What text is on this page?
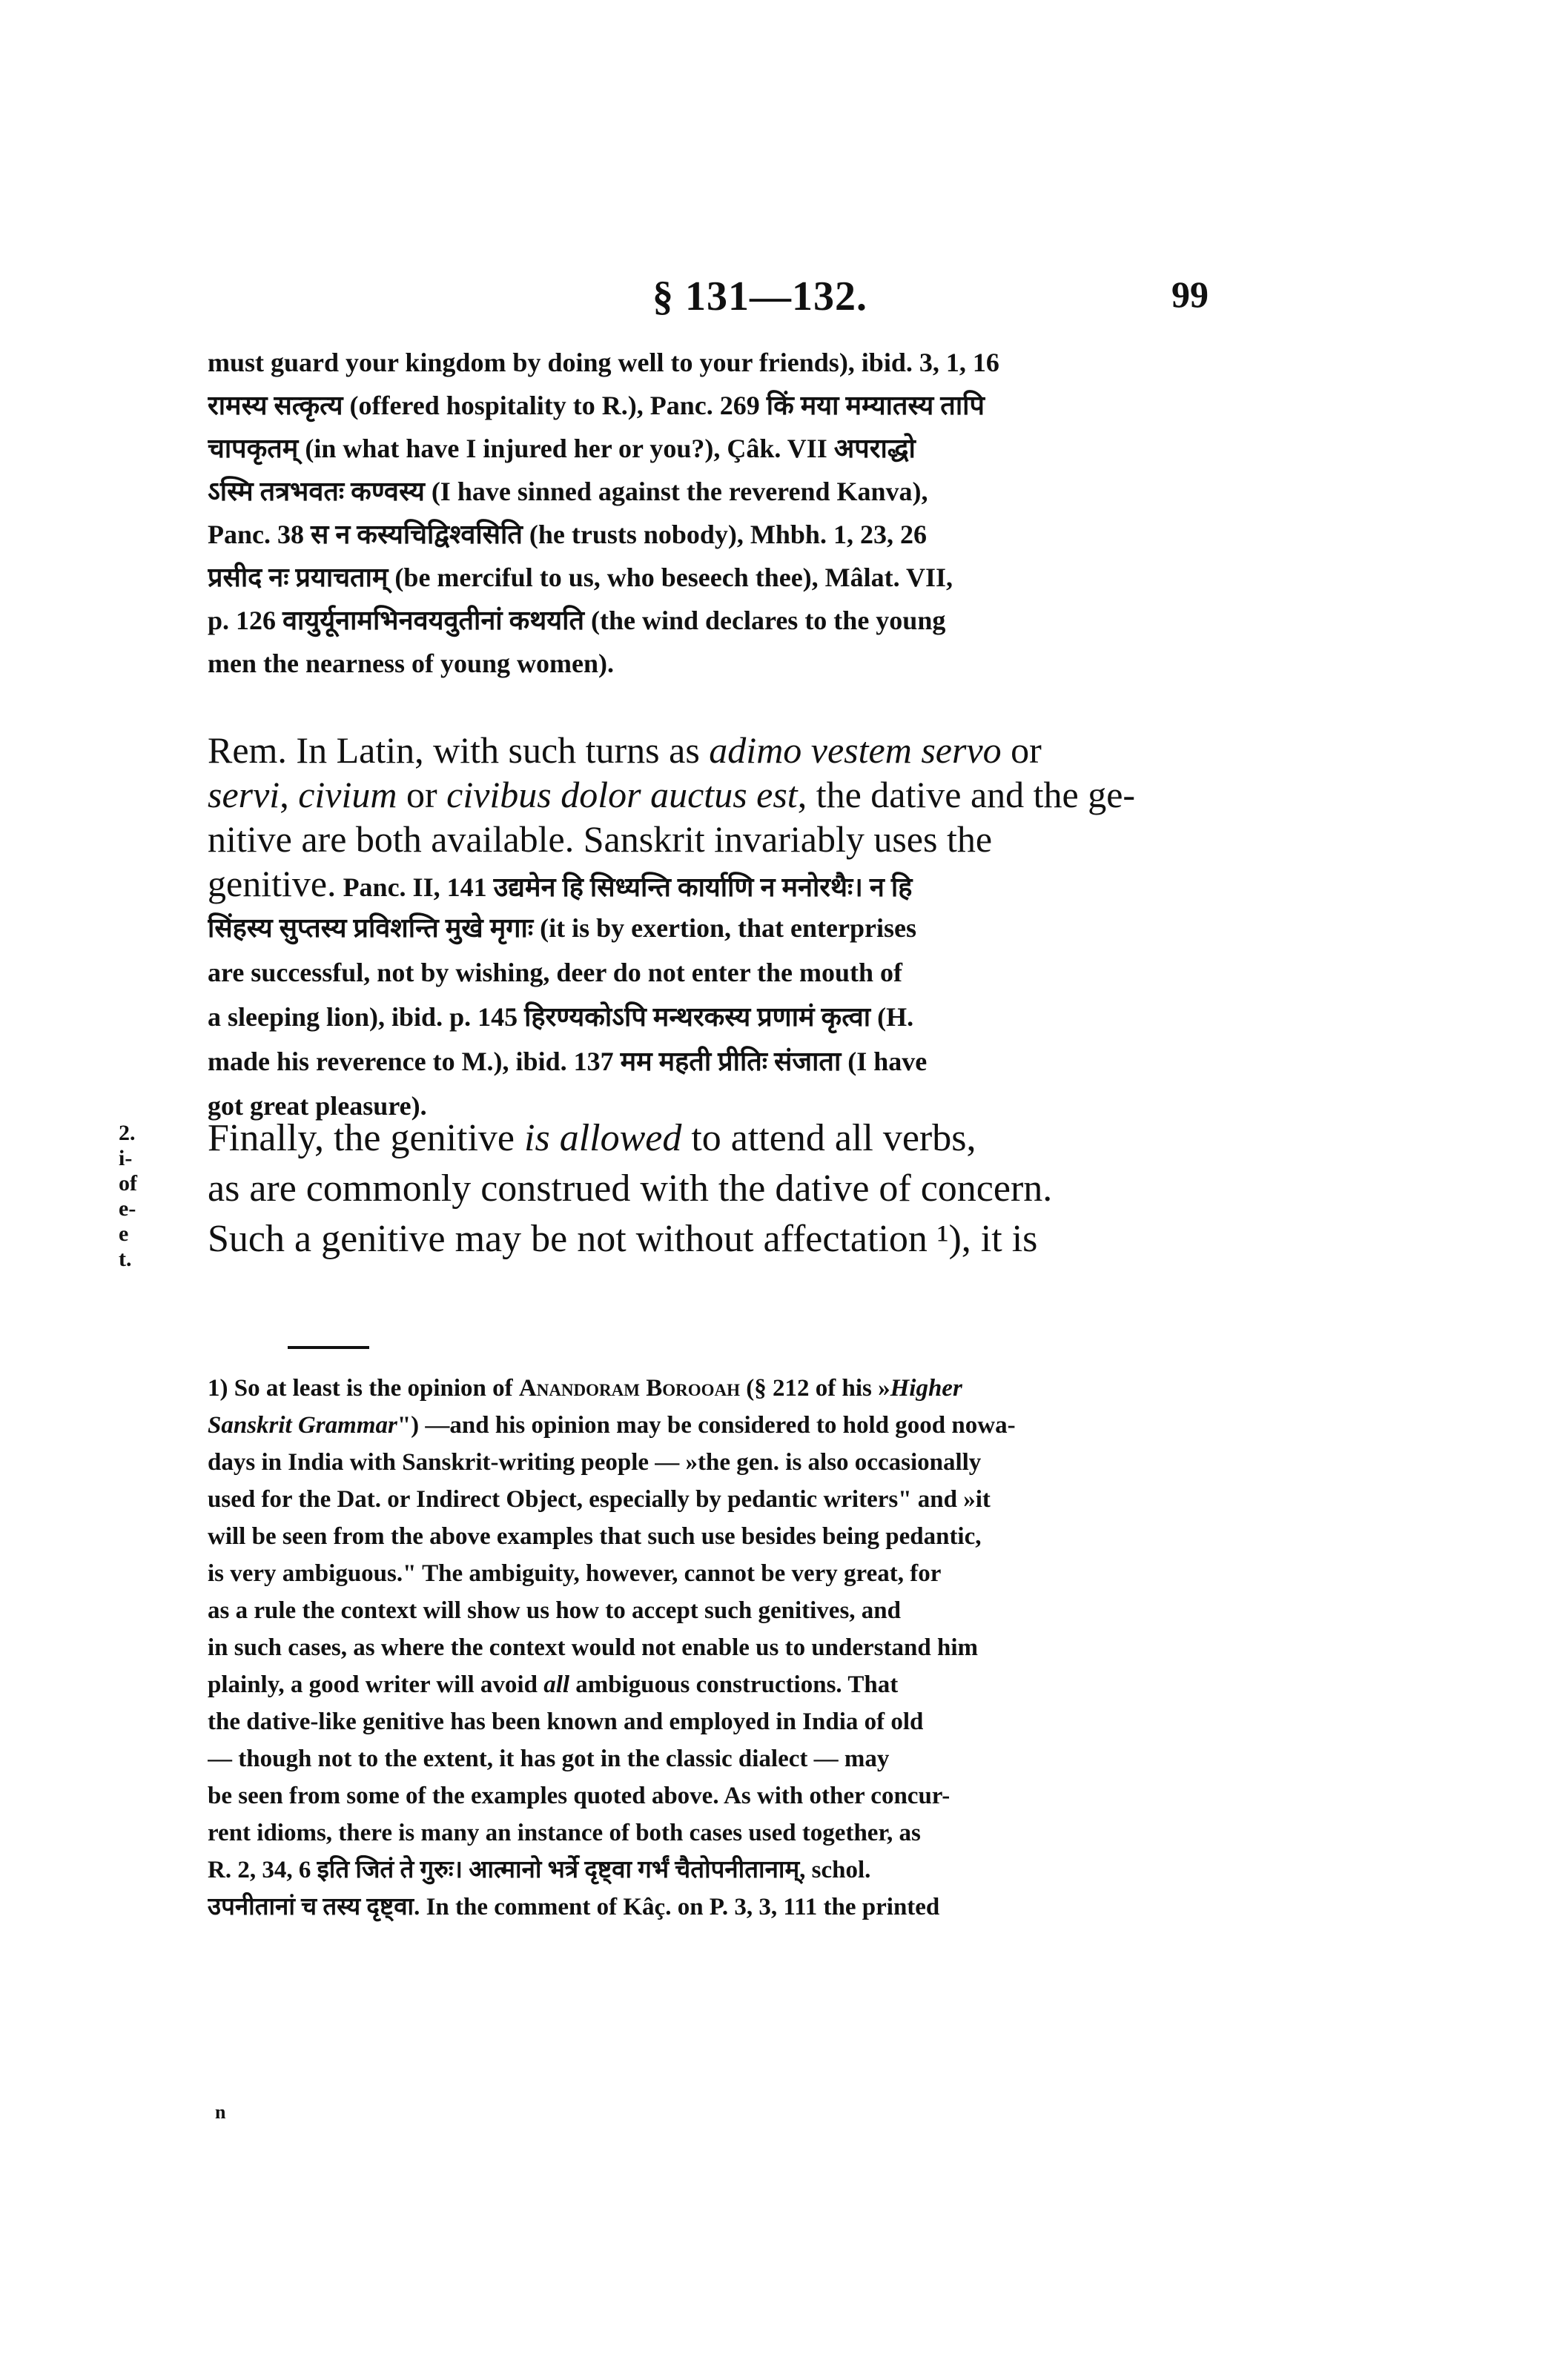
§ 131—132.	99
must guard your kingdom by doing well to your friends), ibid. 3, 1, 16
रामस्य सत्कृत्य (offered hospitality to R.), Panc. 269 किं मया मम्यातस्य तापि
चापकृतम् (in what have I injured her or you?), Çâk. VII अपराद्धो
ऽस्मि तत्रभवतः कण्वस्य (I have sinned against the reverend Kanva),
Panc. 38 स न कस्यचिद्विश्वसिति (he trusts nobody), Mhbh. 1, 23, 26
प्रसीद नः प्रयाचताम् (be merciful to us, who beseech thee), Mâlat. VII,
p. 126 वायुर्यूनामभिनवयवुतीनां कथयति (the wind declares to the young
men the nearness of young women).
Rem. In Latin, with such turns as adimo vestem servo or
servi, civium or civibus dolor auctus est, the dative and the ge-
nitive are both available. Sanskrit invariably uses the
genitive. Panc. II, 141 उद्यमेन हि सिध्यन्ति कार्याणि न मनोरथैः। न हि
सिंहस्य सुप्तस्य प्रविशन्ति मुखे मृगाः (it is by exertion, that enterprises
are successful, not by wishing, deer do not enter the mouth of
a sleeping lion), ibid. p. 145 हिरण्यकोऽपि मन्थरकस्य प्रणामं कृत्वा (H.
made his reverence to M.), ibid. 137 मम महती प्रीतिः संजाता (I have
got great pleasure).
2.
i-
of
e-
e
t.
Finally, the genitive is allowed to attend all verbs,
as are commonly construed with the dative of concern.
Such a genitive may be not without affectation ¹), it is
1) So at least is the opinion of Anandoram Borooah (§ 212 of his »Higher
Sanskrit Grammar") —and his opinion may be considered to hold good nowa-
days in India with Sanskrit-writing people — »the gen. is also occasionally
used for the Dat. or Indirect Object, especially by pedantic writers" and »it
will be seen from the above examples that such use besides being pedantic,
is very ambiguous." The ambiguity, however, cannot be very great, for
as a rule the context will show us how to accept such genitives, and
in such cases, as where the context would not enable us to understand him
plainly, a good writer will avoid all ambiguous constructions. That
the dative-like genitive has been known and employed in India of old
— though not to the extent, it has got in the classic dialect — may
be seen from some of the examples quoted above. As with other concur-
rent idioms, there is many an instance of both cases used together, as
R. 2, 34, 6 इति जितं ते गुरुः। आत्मानो भर्त्रे दृष्ट्वा गर्भं चैतोपनीतानाम्, schol.
उपनीतानां च तस्य दृष्ट्वा. In the comment of Kâç. on P. 3, 3, 111 the printed
n
